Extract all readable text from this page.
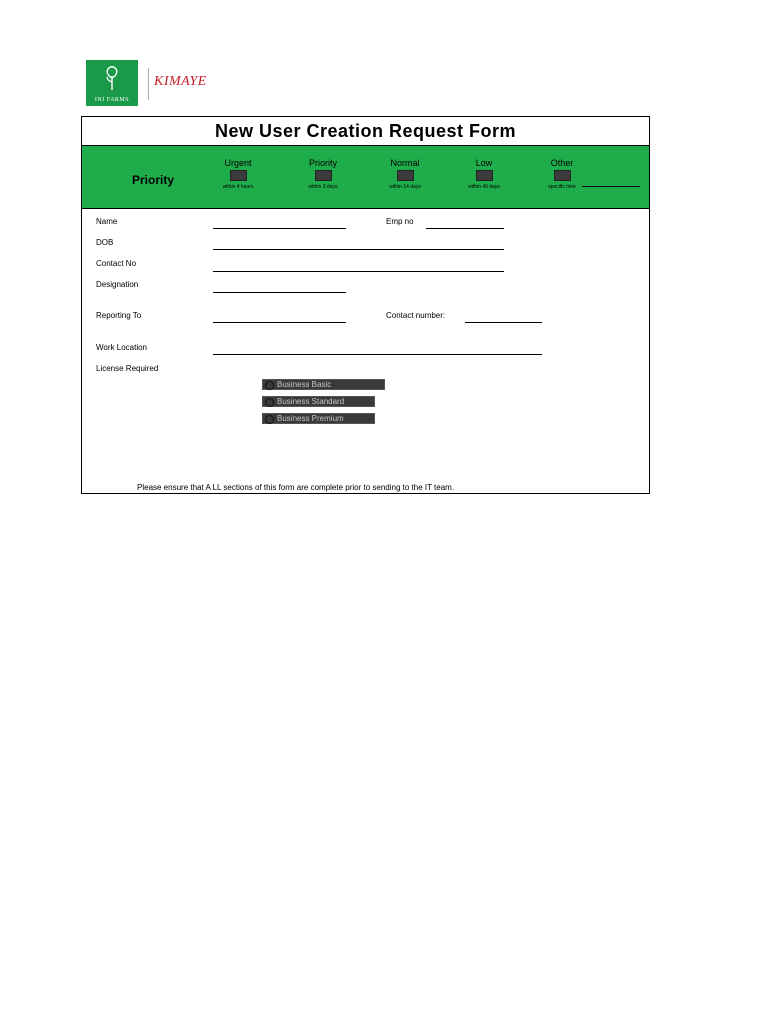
INI FARMS
KIMAYE
New User Creation Request Form
Priority
Urgent
within 4 hours
Priority
within 3 days
Normal
within 14 days
Low
within 40 days
Other
specific time
Name	Emp no
DOB
Contact No
Designation
Reporting To	Contact number:
Work Location
License Required
Business Basic
Business Standard
Business Premium
Please ensure that A LL sections of this form are complete prior to sending to the IT team.
